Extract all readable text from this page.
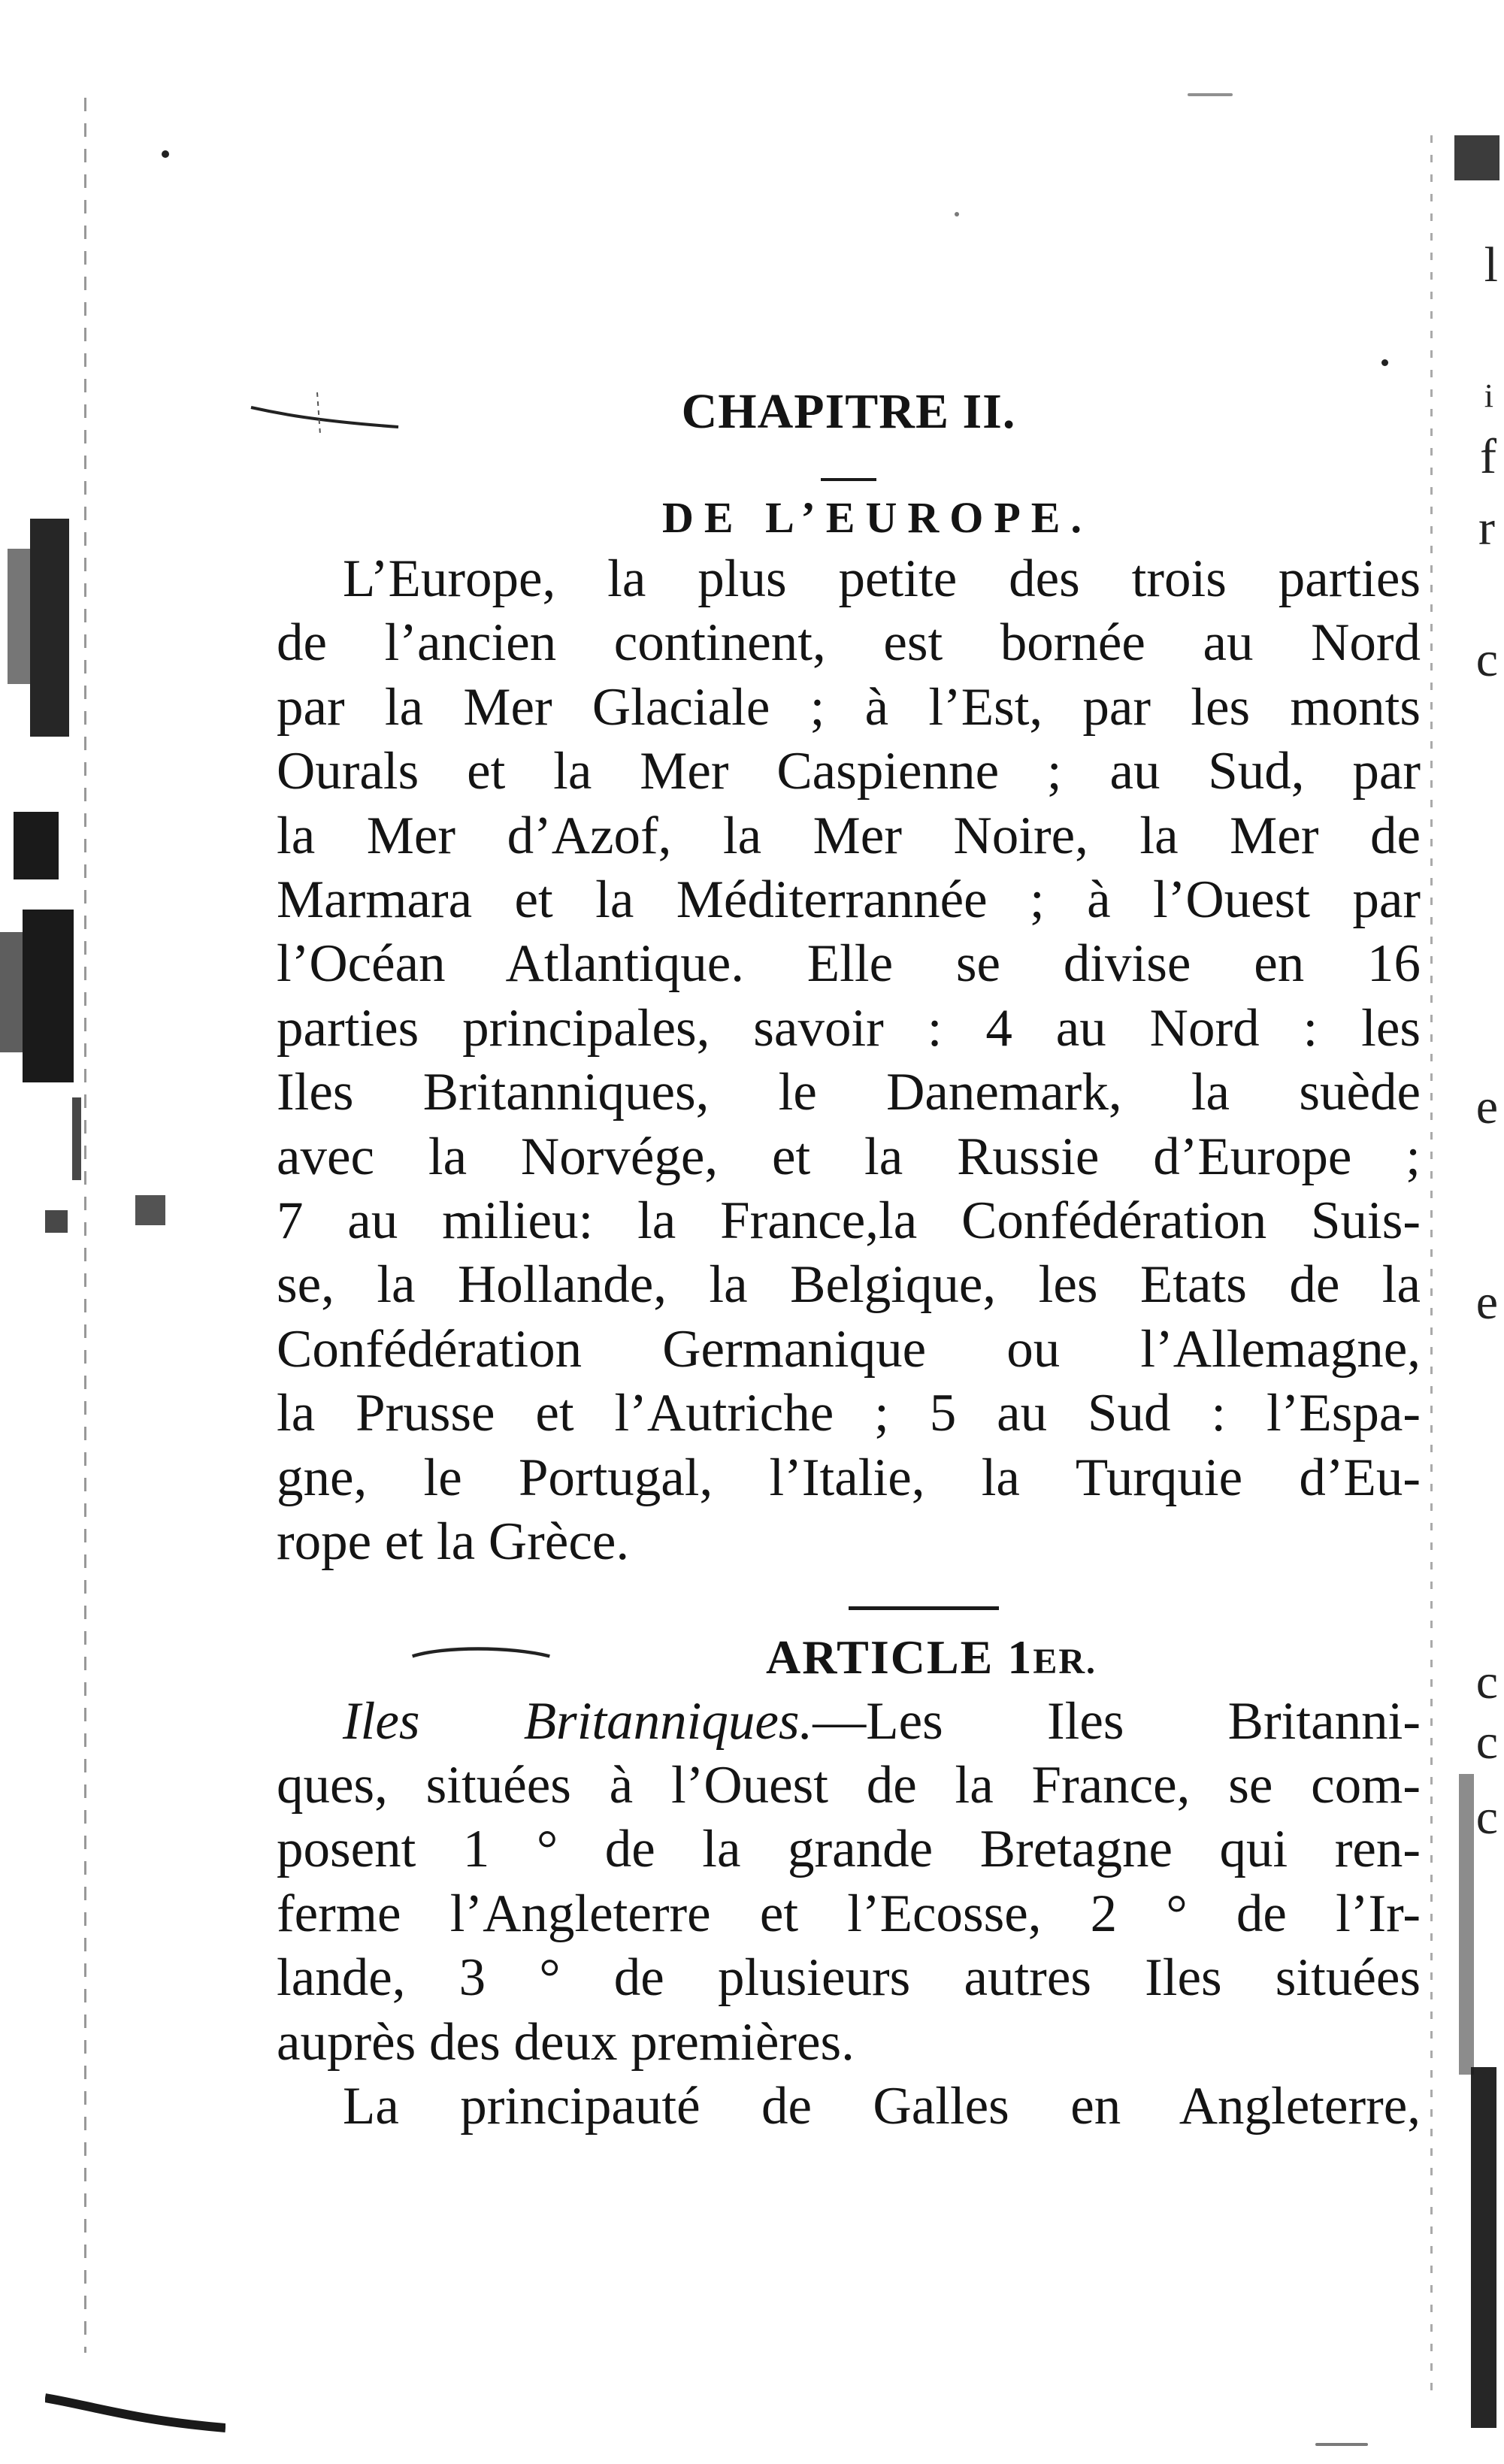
l
i
f
r
c
e
e
c
c
c
CHAPITRE II.
DE L’EUROPE.

L’Europe, la plus petite des trois parties
de l’ancien continent, est bornée au Nord
par la Mer Glaciale ; à l’Est, par les monts
Ourals et la Mer Caspienne ; au Sud, par
la Mer d’Azof, la Mer Noire, la Mer de
Marmara et la Méditerrannée ; à l’Ouest par
l’Océan Atlantique. Elle se divise en 16
parties principales, savoir : 4 au Nord : les
Iles Britanniques, le Danemark, la suède
avec la Norvége, et la Russie d’Europe ;
7 au milieu: la France,la Confédération Suis-
se, la Hollande, la Belgique, les Etats de la
Confédération Germanique ou l’Allemagne,
la Prusse et l’Autriche ; 5 au Sud : l’Espa-
gne, le Portugal, l’Italie, la Turquie d’Eu-
rope et la Grèce.

ARTICLE 1ER.

Iles Britanniques.—Les Iles Britanni-
ques, situées à l’Ouest de la France, se com-
posent 1 ° de la grande Bretagne qui ren-
ferme l’Angleterre et l’Ecosse, 2 ° de l’Ir-
lande, 3 ° de plusieurs autres Iles situées
auprès des deux premières.
La principauté de Galles en Angleterre,
